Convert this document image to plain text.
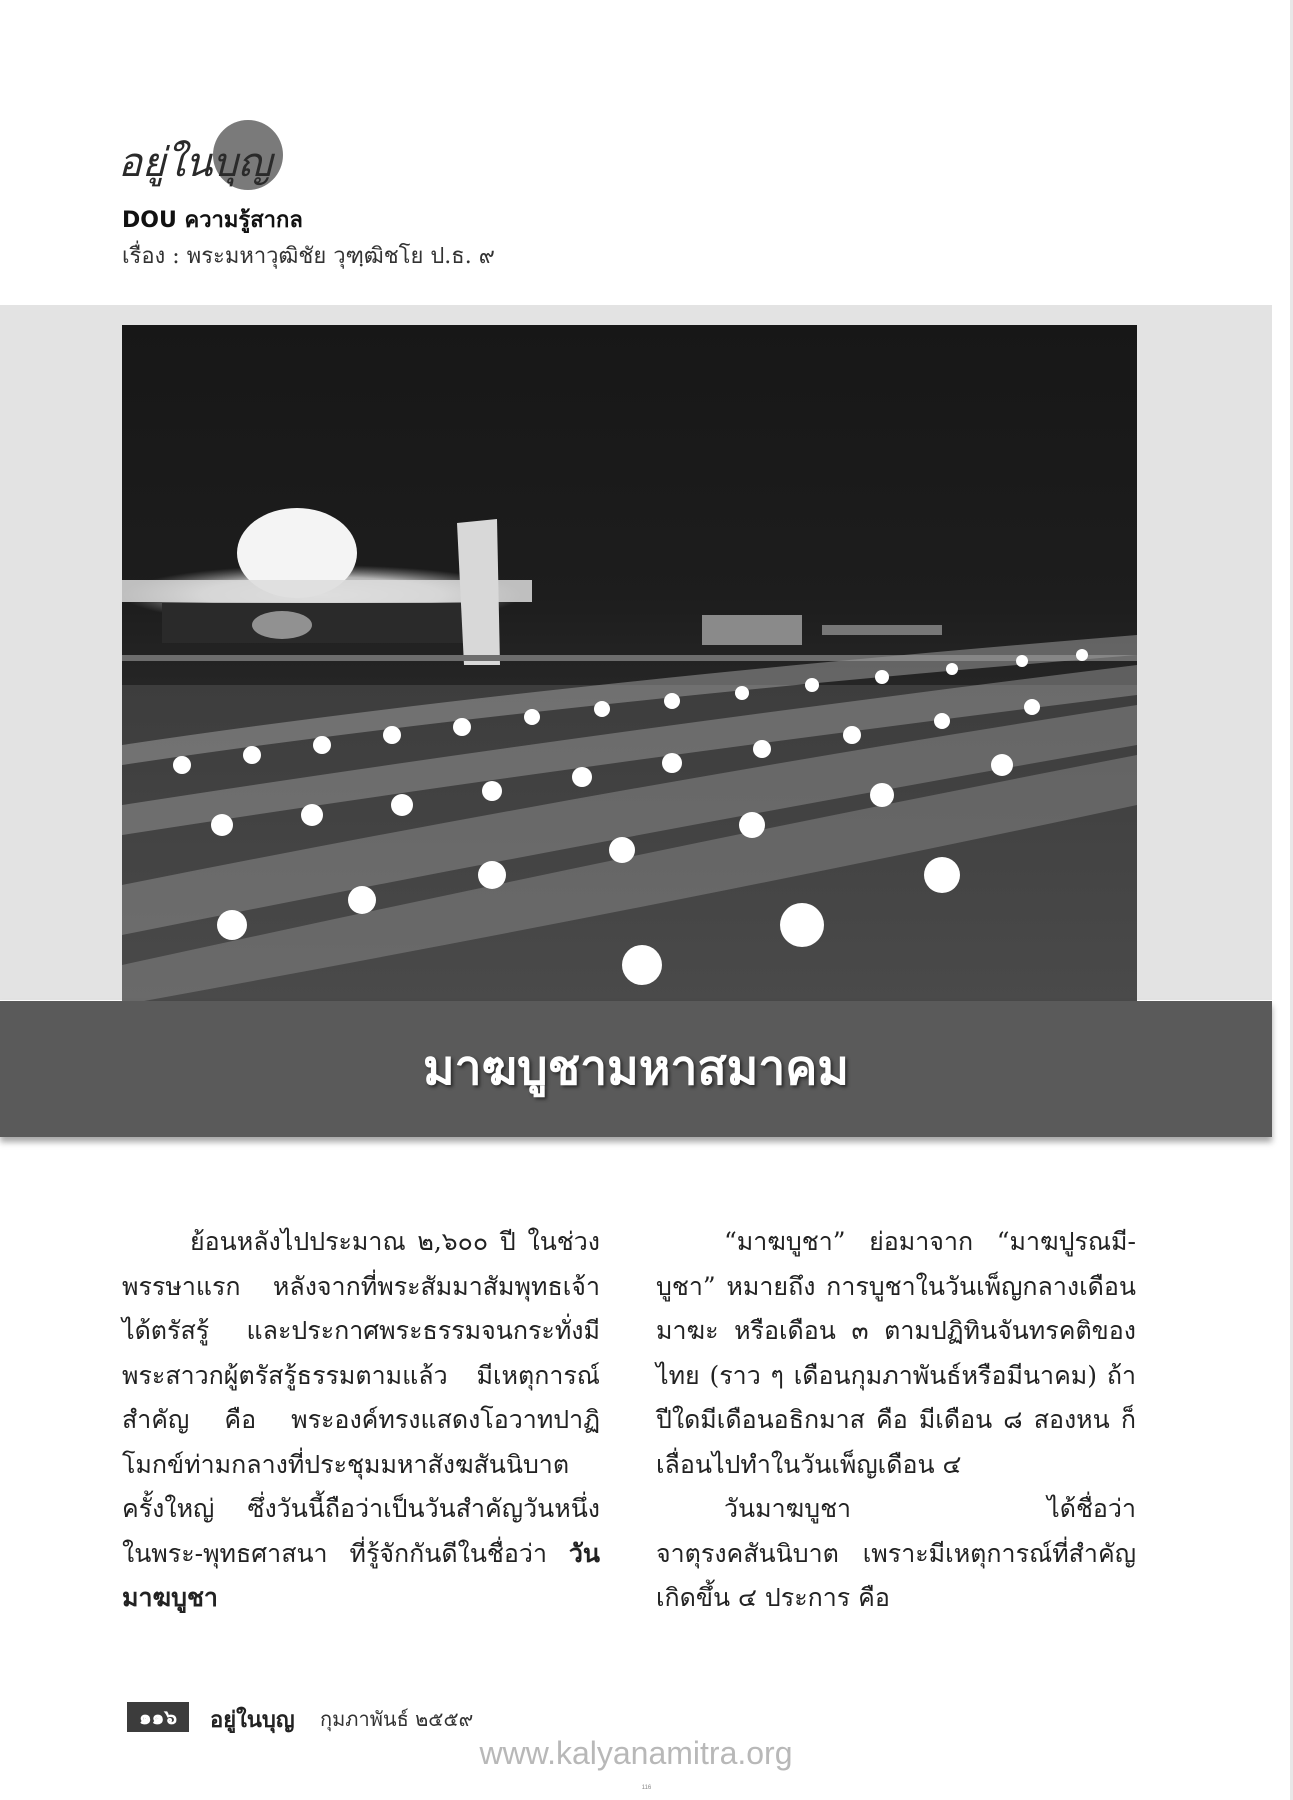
อยู่ในบุญ
DOU ความรู้สากล
เรื่อง : พระมหาวุฒิชัย วุฑฺฒิชโย ป.ธ. ๙
มาฆบูชามหาสมาคม

ย้อนหลังไปประมาณ ๒,๖๐๐ ปี ในช่วงพรรษาแรก หลังจากที่พระสัมมาสัมพุทธเจ้าได้ตรัสรู้ และประกาศพระธรรมจนกระทั่งมีพระสาวกผู้ตรัสรู้ธรรมตามแล้ว มีเหตุการณ์สำคัญ คือ พระองค์ทรงแสดงโอวาทปาฏิโมกข์ท่ามกลางที่ประชุมมหาสังฆสันนิบาตครั้งใหญ่ ซึ่งวันนี้ถือว่าเป็นวันสำคัญวันหนึ่งในพระ-พุทธศาสนา ที่รู้จักกันดีในชื่อว่า วันมาฆบูชา

“มาฆบูชา” ย่อมาจาก “มาฆปูรณมี-บูชา” หมายถึง การบูชาในวันเพ็ญกลางเดือนมาฆะ หรือเดือน ๓ ตามปฏิทินจันทรคติของไทย (ราว ๆ เดือนกุมภาพันธ์หรือมีนาคม) ถ้าปีใดมีเดือนอธิกมาส คือ มีเดือน ๘ สองหน ก็เลื่อนไปทำในวันเพ็ญเดือน ๔

วันมาฆบูชา ได้ชื่อว่า จาตุรงคสันนิบาต เพราะมีเหตุการณ์ที่สำคัญเกิดขึ้น ๔ ประการ คือ

๑๑๖	อยู่ในบุญ กุมภาพันธ์ ๒๕๕๙
www.kalyanamitra.org
116
